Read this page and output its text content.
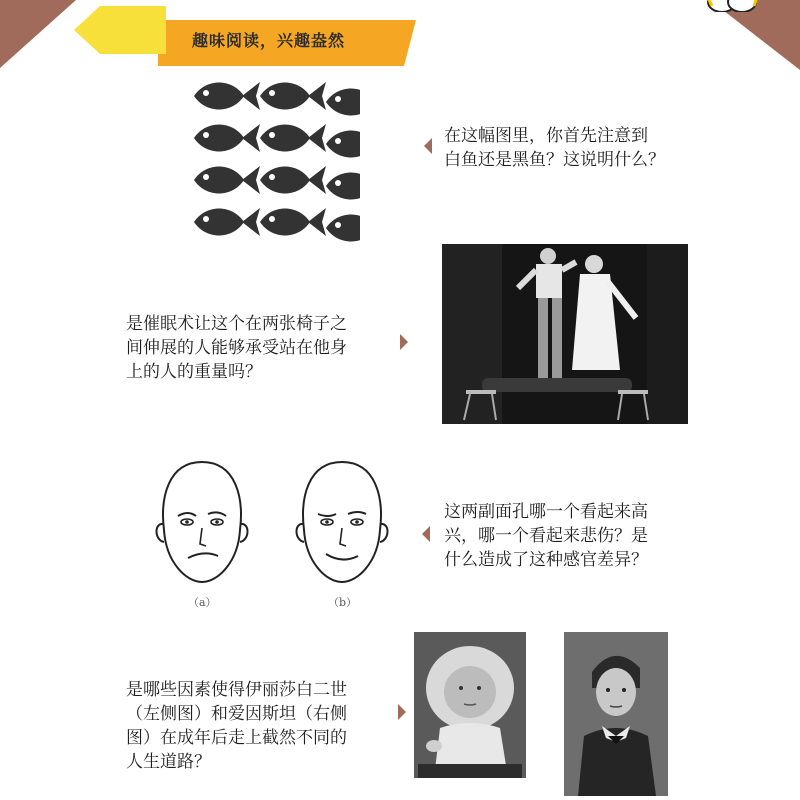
趣味阅读，兴趣盎然
在这幅图里，你首先注意到
白鱼还是黑鱼？这说明什么？
是催眠术让这个在两张椅子之
间伸展的人能够承受站在他身
上的人的重量吗？
（a）	（b）
这两副面孔哪一个看起来高
兴，哪一个看起来悲伤？是
什么造成了这种感官差异？
是哪些因素使得伊丽莎白二世
（左侧图）和爱因斯坦（右侧
图）在成年后走上截然不同的
人生道路？
